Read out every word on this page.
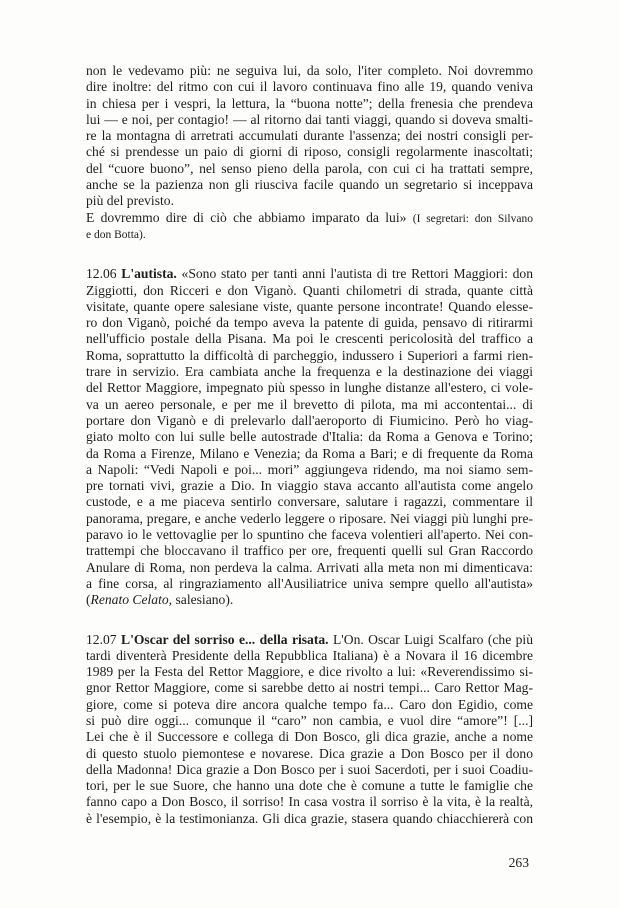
non le vedevamo più: ne seguiva lui, da solo, l'iter completo. Noi dovremmo
dire inoltre: del ritmo con cui il lavoro continuava fino alle 19, quando veniva
in chiesa per i vespri, la lettura, la “buona notte”; della frenesia che prendeva
lui — e noi, per contagio! — al ritorno dai tanti viaggi, quando si doveva smalti-
re la montagna di arretrati accumulati durante l'assenza; dei nostri consigli per-
ché si prendesse un paio di giorni di riposo, consigli regolarmente inascoltati;
del “cuore buono”, nel senso pieno della parola, con cui ci ha trattati sempre,
anche se la pazienza non gli riusciva facile quando un segretario si inceppava
più del previsto.
E dovremmo dire di ciò che abbiamo imparato da lui» (I segretari: don Silvano
e don Botta).
12.06 L'autista. «Sono stato per tanti anni l'autista di tre Rettori Maggiori: don
Ziggiotti, don Ricceri e don Viganò. Quanti chilometri di strada, quante città
visitate, quante opere salesiane viste, quante persone incontrate! Quando elesse-
ro don Viganò, poiché da tempo aveva la patente di guida, pensavo di ritirarmi
nell'ufficio postale della Pisana. Ma poi le crescenti pericolosità del traffico a
Roma, soprattutto la difficoltà di parcheggio, indussero i Superiori a farmi rien-
trare in servizio. Era cambiata anche la frequenza e la destinazione dei viaggi
del Rettor Maggiore, impegnato più spesso in lunghe distanze all'estero, ci vole-
va un aereo personale, e per me il brevetto di pilota, ma mi accontentai... di
portare don Viganò e di prelevarlo dall'aeroporto di Fiumicino. Però ho viag-
giato molto con lui sulle belle autostrade d'Italia: da Roma a Genova e Torino;
da Roma a Firenze, Milano e Venezia; da Roma a Bari; e di frequente da Roma
a Napoli: “Vedi Napoli e poi... mori” aggiungeva ridendo, ma noi siamo sem-
pre tornati vivi, grazie a Dio. In viaggio stava accanto all'autista come angelo
custode, e a me piaceva sentirlo conversare, salutare i ragazzi, commentare il
panorama, pregare, e anche vederlo leggere o riposare. Nei viaggi più lunghi pre-
paravo io le vettovaglie per lo spuntino che faceva volentieri all'aperto. Nei con-
trattempi che bloccavano il traffico per ore, frequenti quelli sul Gran Raccordo
Anulare di Roma, non perdeva la calma. Arrivati alla meta non mi dimenticava:
a fine corsa, al ringraziamento all'Ausiliatrice univa sempre quello all'autista»
(Renato Celato, salesiano).
12.07 L'Oscar del sorriso e... della risata. L'On. Oscar Luigi Scalfaro (che più
tardi diventerà Presidente della Repubblica Italiana) è a Novara il 16 dicembre
1989 per la Festa del Rettor Maggiore, e dice rivolto a lui: «Reverendissimo si-
gnor Rettor Maggiore, come si sarebbe detto ai nostri tempi... Caro Rettor Mag-
giore, come si poteva dire ancora qualche tempo fa... Caro don Egidio, come
si può dire oggi... comunque il “caro” non cambia, e vuol dire “amore”! [...]
Lei che è il Successore e collega di Don Bosco, gli dica grazie, anche a nome
di questo stuolo piemontese e novarese. Dica grazie a Don Bosco per il dono
della Madonna! Dica grazie a Don Bosco per i suoi Sacerdoti, per i suoi Coadiu-
tori, per le sue Suore, che hanno una dote che è comune a tutte le famiglie che
fanno capo a Don Bosco, il sorriso! In casa vostra il sorriso è la vita, è la realtà,
è l'esempio, è la testimonianza. Gli dica grazie, stasera quando chiacchiererà con
263
